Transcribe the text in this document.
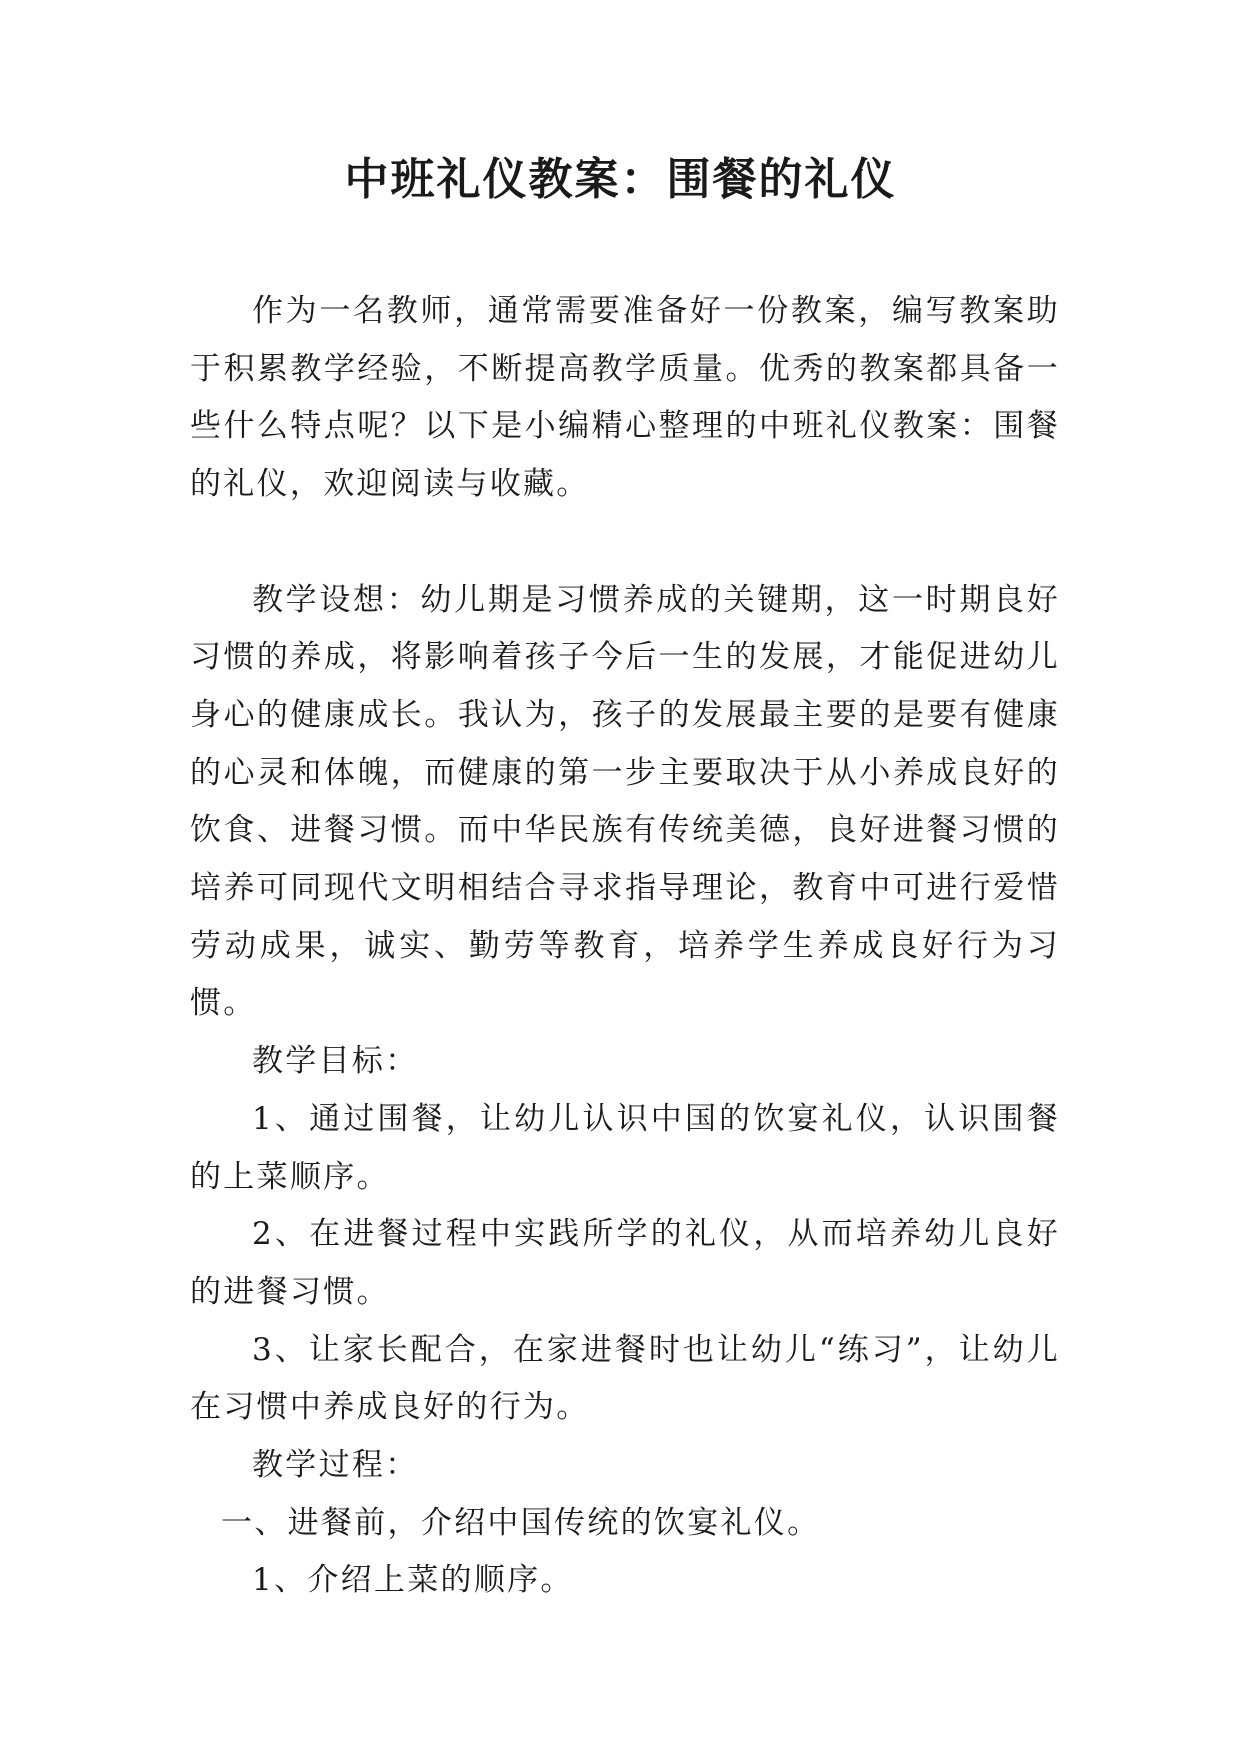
中班礼仪教案：围餐的礼仪

作为一名教师，通常需要准备好一份教案，编写教案助于积累教学经验，不断提高教学质量。优秀的教案都具备一些什么特点呢？以下是小编精心整理的中班礼仪教案：围餐的礼仪，欢迎阅读与收藏。

教学设想：幼儿期是习惯养成的关键期，这一时期良好习惯的养成，将影响着孩子今后一生的发展，才能促进幼儿身心的健康成长。我认为，孩子的发展最主要的是要有健康的心灵和体魄，而健康的第一步主要取决于从小养成良好的饮食、进餐习惯。而中华民族有传统美德，良好进餐习惯的培养可同现代文明相结合寻求指导理论，教育中可进行爱惜劳动成果，诚实、勤劳等教育，培养学生养成良好行为习惯。

教学目标：

1、通过围餐，让幼儿认识中国的饮宴礼仪，认识围餐的上菜顺序。

2、在进餐过程中实践所学的礼仪，从而培养幼儿良好的进餐习惯。

3、让家长配合，在家进餐时也让幼儿“练习”，让幼儿在习惯中养成良好的行为。

教学过程：

一、进餐前，介绍中国传统的饮宴礼仪。

1、介绍上菜的顺序。
